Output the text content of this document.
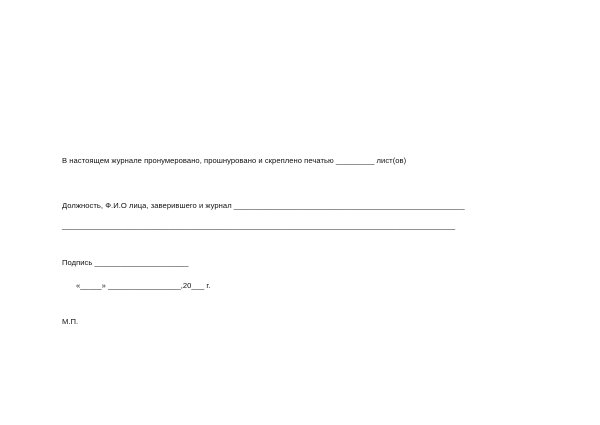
В настоящем журнале пронумеровано, прошнуровано и скреплено печатью _________ лист(ов)
Должность, Ф.И.О лица, заверившего и журнал ______________________________________________________
____________________________________________________________________________________________
Подпись ______________________
«_____» _________________,20___ г.
М.П.
